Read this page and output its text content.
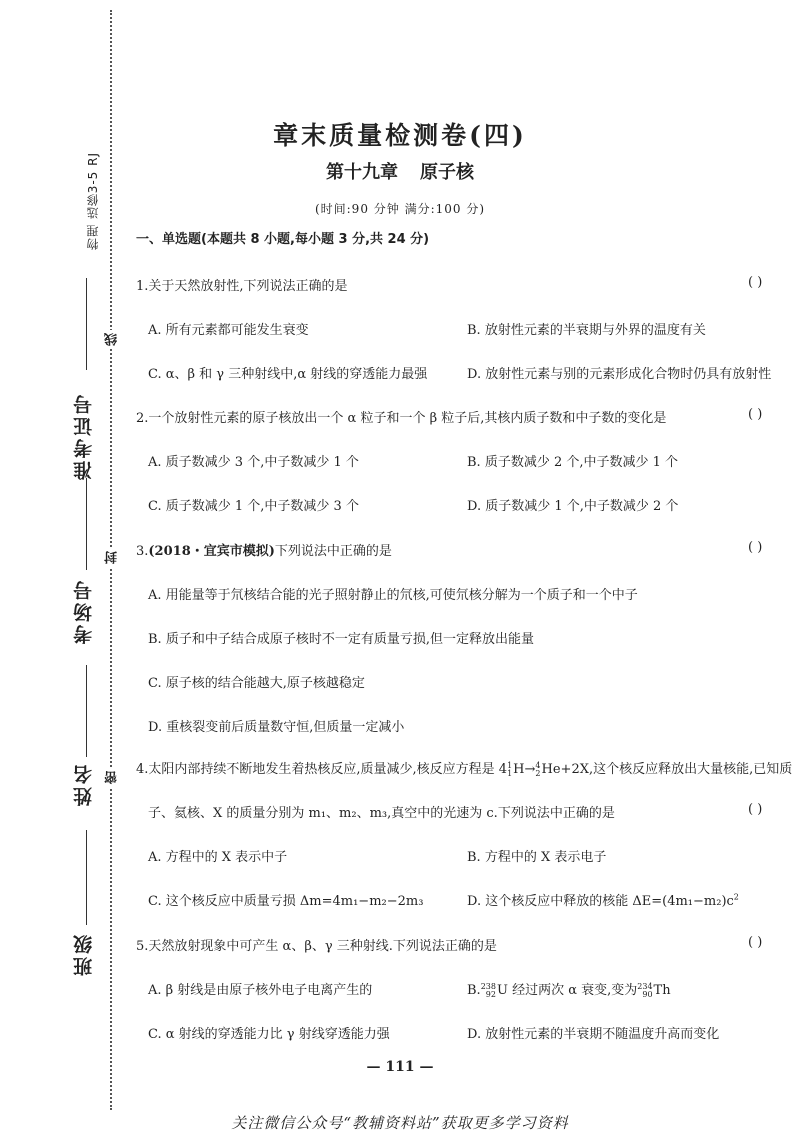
物理 选修3-5 RJ
准考证号
考场号
姓名
班级
线
封
密
章末质量检测卷(四)
第十九章 原子核
(时间:90 分钟 满分:100 分)
一、单选题(本题共 8 小题,每小题 3 分,共 24 分)
1.关于天然放射性,下列说法正确的是	( )
A. 所有元素都可能发生衰变	B. 放射性元素的半衰期与外界的温度有关
C. α、β 和 γ 三种射线中,α 射线的穿透能力最强	D. 放射性元素与别的元素形成化合物时仍具有放射性
2.一个放射性元素的原子核放出一个 α 粒子和一个 β 粒子后,其核内质子数和中子数的变化是	( )
A. 质子数减少 3 个,中子数减少 1 个	B. 质子数减少 2 个,中子数减少 1 个
C. 质子数减少 1 个,中子数减少 3 个	D. 质子数减少 1 个,中子数减少 2 个
3.(2018・宜宾市模拟)下列说法中正确的是	( )
A. 用能量等于氘核结合能的光子照射静止的氘核,可使氘核分解为一个质子和一个中子
B. 质子和中子结合成原子核时不一定有质量亏损,但一定释放出能量
C. 原子核的结合能越大,原子核越稳定
D. 重核裂变前后质量数守恒,但质量一定减小
4.太阳内部持续不断地发生着热核反应,质量减少,核反应方程是 4 1
1 H→ 4
2 He+2X,这个核反应释放出大量核能,已知质
子、氦核、X 的质量分别为 m₁、m₂、m₃,真空中的光速为 c.下列说法中正确的是	( )
A. 方程中的 X 表示中子	B. 方程中的 X 表示电子
C. 这个核反应中质量亏损 Δm=4m₁−m₂−2m₃	D. 这个核反应中释放的核能 $\Delta E=(4m_1-m_2)c^2$
5.天然放射现象中可产生 α、β、γ 三种射线.下列说法正确的是	( )
A. β 射线是由原子核外电子电离产生的	B. 238
92 U 经过两次 α 衰变,变为 234
90 Th
C. α 射线的穿透能力比 γ 射线穿透能力强	D. 放射性元素的半衰期不随温度升高而变化
— 111 —
关注微信公众号“教辅资料站”获取更多学习资料
